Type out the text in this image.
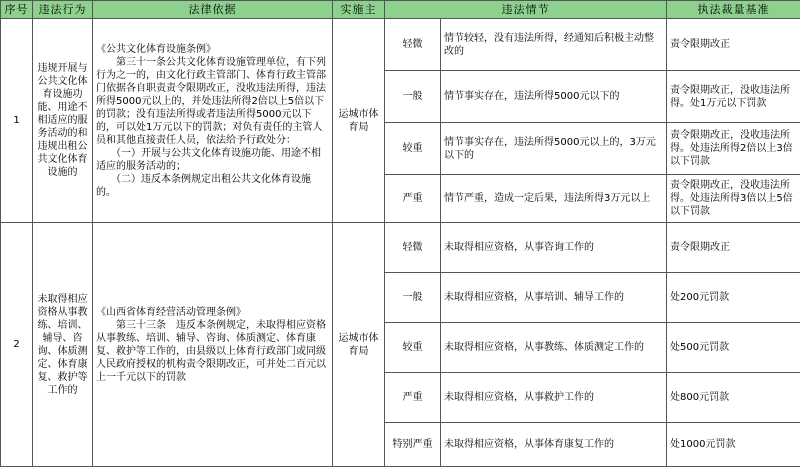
序号	违法行为	法律依据	实施主	违法情节		执法裁量基准
1	违规开展与公共文化体育设施功能、用途不相适应的服务活动的和违规出租公共文化体育设施的	《公共文化体育设施条例》

　　第三十一条公共文化体育设施管理单位，有下列行为之一的，由文化行政主管部门、体育行政主管部门依据各自职责责令限期改正，没收违法所得，违法所得5000元以上的，并处违法所得2倍以上5倍以下的罚款；没有违法所得或者违法所得5000元以下的，可以处1万元以下的罚款；对负有责任的主管人员和其他直接责任人员，依法给予行政处分：

　　（一）开展与公共文化体育设施功能、用途不相适应的服务活动的；

　　（二）违反本条例规定出租公共文化体育设施的。	运城市体育局	轻微	情节较轻，没有违法所得，经通知后积极主动整改的	责令限期改正
				一般	情节事实存在，违法所得5000元以下的	责令限期改正，没收违法所得。处1万元以下罚款
				较重	情节事实存在，违法所得5000元以上的，3万元以下的	责令限期改正，没收违法所得。处违法所得2倍以上3倍以下罚款
				严重	情节严重，造成一定后果，违法所得3万元以上	责令限期改正，没收违法所得。处违法所得3倍以上5倍以下罚款
2	未取得相应资格从事教练、培训、辅导、咨询、体质测定、体育康复、救护等工作的	《山西省体育经营活动管理条例》

　　第三十三条　违反本条例规定，未取得相应资格从事教练、培训、辅导、咨询、体质测定、体育康复、救护等工作的，由县级以上体育行政部门或同级人民政府授权的机构责令限期改正，可并处二百元以上一千元以下的罚款	运城市体育局	轻微	未取得相应资格，从事咨询工作的	责令限期改正
				一般	未取得相应资格，从事培训、辅导工作的	处200元罚款
				较重	未取得相应资格，从事教练、体质测定工作的	处500元罚款
				严重	未取得相应资格，从事救护工作的	处800元罚款
				特别严重	未取得相应资格，从事体育康复工作的	处1000元罚款
